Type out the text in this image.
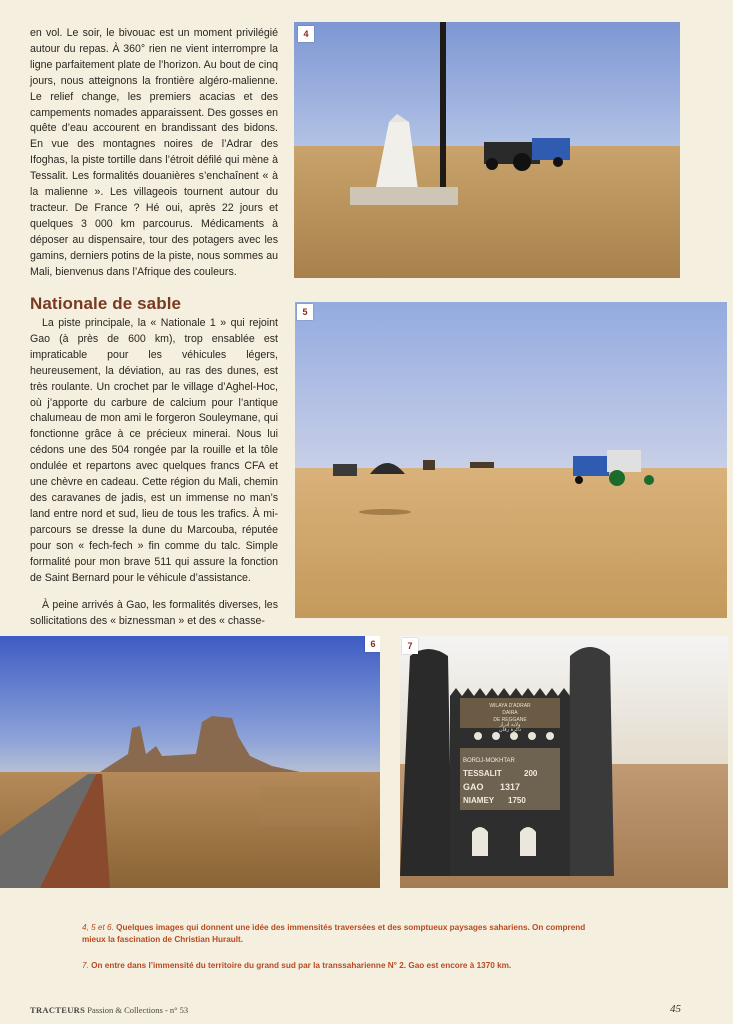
en vol. Le soir, le bivouac est un moment privilégié autour du repas. À 360° rien ne vient interrompre la ligne parfaitement plate de l’horizon. Au bout de cinq jours, nous atteignons la frontière algéro-malienne. Le relief change, les premiers acacias et des campements nomades apparaissent. Des gosses en quête d’eau accourent en brandissant des bidons. En vue des montagnes noires de l’Adrar des Ifoghas, la piste tortille dans l’étroit défilé qui mène à Tessalit. Les formalités douanières s’enchaînent « à la malienne ». Les villageois tournent autour du tracteur. De France ? Hé oui, après 22 jours et quelques 3 000 km parcourus. Médicaments à déposer au dispensaire, tour des potagers avec les gamins, derniers potins de la piste, nous sommes au Mali, bienvenus dans l’Afrique des couleurs.

Nationale de sable

La piste principale, la « Nationale 1 » qui rejoint Gao (à près de 600 km), trop ensablée est impraticable pour les véhicules légers, heureusement, la déviation, au ras des dunes, est très roulante. Un crochet par le village d’Aghel-Hoc, où j’apporte du carbure de calcium pour l’antique chalumeau de mon ami le forgeron Souleymane, qui fonctionne grâce à ce précieux minerai. Nous lui cédons une des 504 rongée par la rouille et la tôle ondulée et repartons avec quelques francs CFA et une chèvre en cadeau. Cette région du Mali, chemin des caravanes de jadis, est un immense no man’s land entre nord et sud, lieu de tous les trafics. À mi-parcours se dresse la dune du Marcouba, réputée pour son « fech-fech » fin comme du talc. Simple formalité pour mon brave 511 qui assure la fonction de Saint Bernard pour le véhicule d’assistance.

À peine arrivés à Gao, les formalités diverses, les sollicitations des « biznessman » et des « chasse-

4
5
6
WILAYA D'ADRAR
DAIRA
DE REGGANE
ولاية أدرار
دائرة رقان
BORDJ-MOKHTAR
TESSALIT	200
GAO 1317
NIAMEY 1750
7
4, 5 et 6. Quelques images qui donnent une idée des immensités traversées et des somptueux paysages sahariens. On comprend mieux la fascination de Christian Hurault.
7. On entre dans l’immensité du territoire du grand sud par la transsaharienne N° 2. Gao est encore à 1370 km.
TRACTEURS Passion & Collections - n° 53	45
